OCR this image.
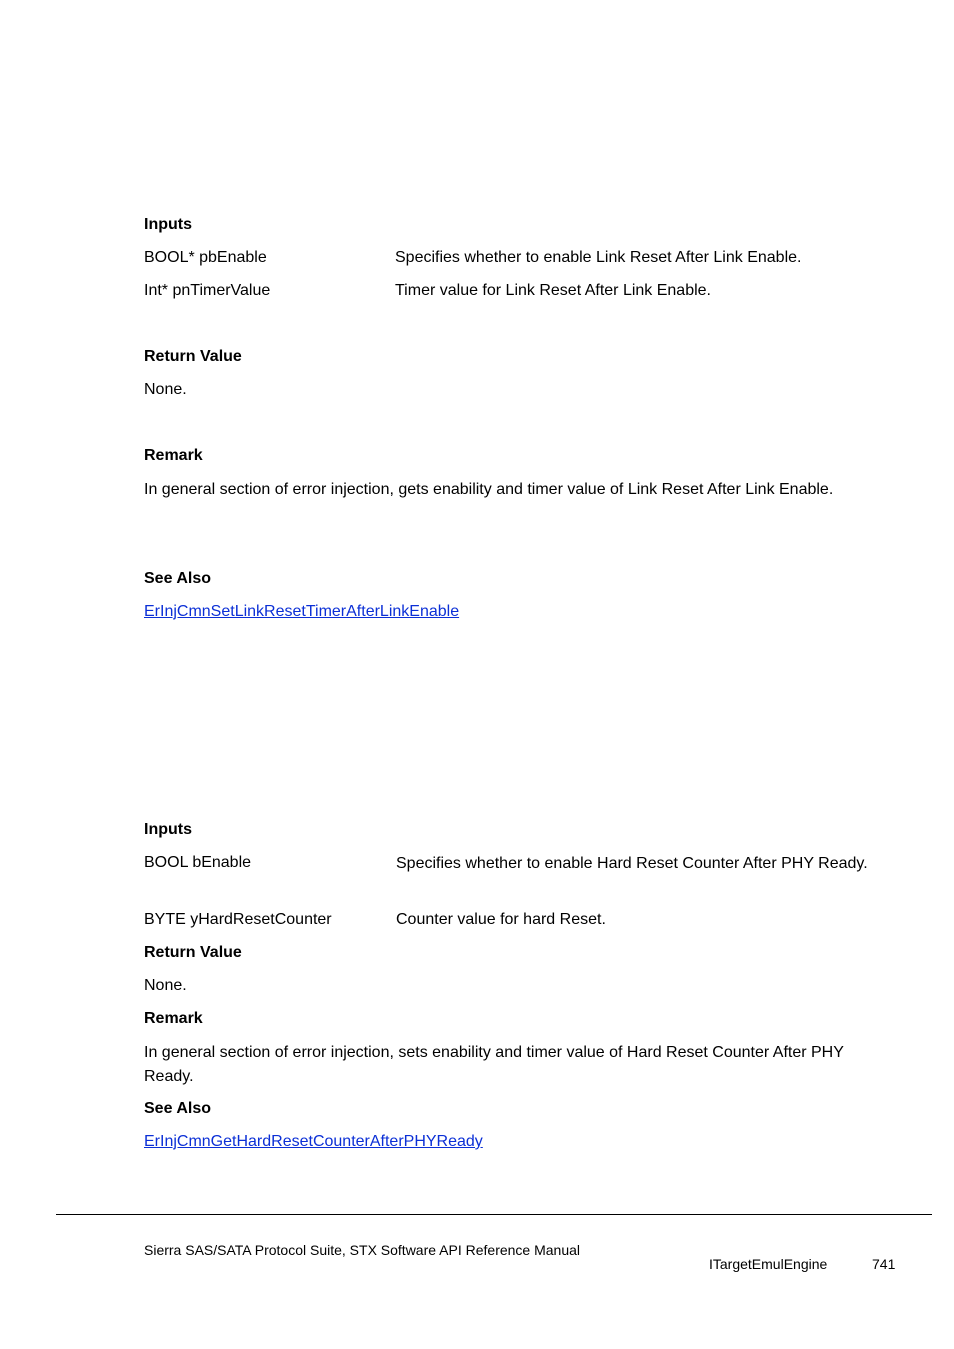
Inputs
BOOL* pbEnable	Specifies whether to enable Link Reset After Link Enable.
Int* pnTimerValue	Timer value for Link Reset After Link Enable.
Return Value
None.
Remark
In general section of error injection, gets enability and timer value of Link Reset After Link Enable.
See Also
ErInjCmnSetLinkResetTimerAfterLinkEnable
Inputs
BOOL bEnable	Specifies whether to enable Hard Reset Counter After PHY Ready.
BYTE yHardResetCounter	Counter value for hard Reset.
Return Value
None.
Remark
In general section of error injection, sets enability and timer value of Hard Reset Counter After PHY Ready.
See Also
ErInjCmnGetHardResetCounterAfterPHYReady
Sierra SAS/SATA Protocol Suite, STX Software API Reference Manual
ITargetEmulEngine	741
